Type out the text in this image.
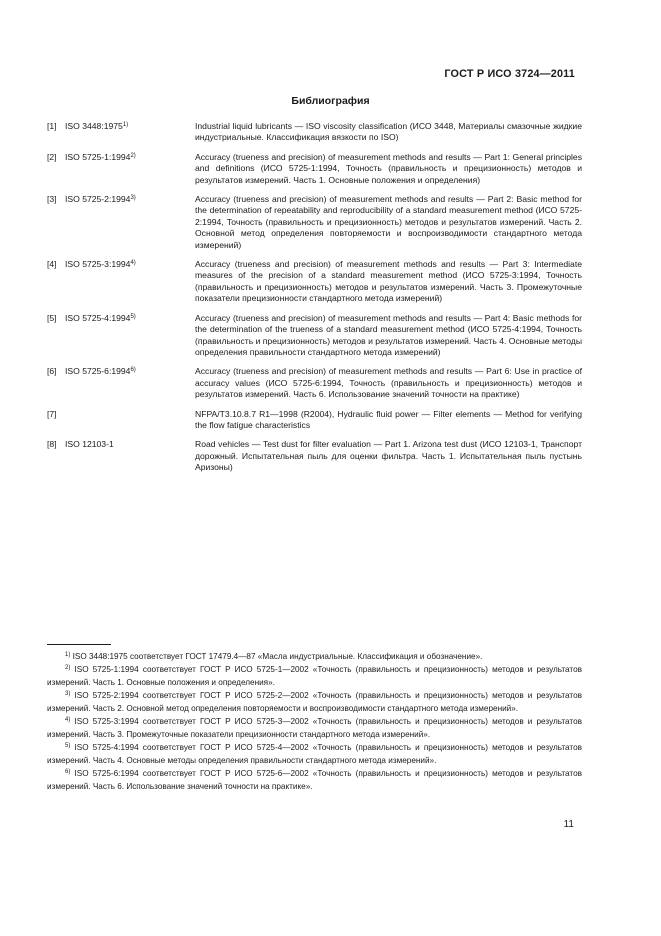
ГОСТ Р ИСО 3724—2011
Библиография
[1] ISO 3448:1975$^{1)}$	Industrial liquid lubricants — ISO viscosity classification (ИСО 3448, Материалы смазочные жидкие индустриальные. Классификация вязкости по ISO)
[2] ISO 5725-1:1994$^{2)}$	Accuracy (trueness and precision) of measurement methods and results — Part 1: General principles and definitions (ИСО 5725-1:1994, Точность (правильность и прецизионность) методов и результатов измерений. Часть 1. Основные положения и определения)
[3] ISO 5725-2:1994$^{3)}$	Accuracy (trueness and precision) of measurement methods and results — Part 2: Basic method for the determination of repeatability and reproducibility of a standard measurement method (ИСО 5725-2:1994, Точность (правильность и прецизионность) методов и результатов измерений. Часть 2. Основной метод определения повторяемости и воспроизводимости стандартного метода измерений)
[4] ISO 5725-3:1994$^{4)}$	Accuracy (trueness and precision) of measurement methods and results — Part 3: Intermediate measures of the precision of a standard measurement method (ИСО 5725-3:1994, Точность (правильность и прецизионность) методов и результатов измерений. Часть 3. Промежуточные показатели прецизионности стандартного метода измерений)
[5] ISO 5725-4:1994$^{5)}$	Accuracy (trueness and precision) of measurement methods and results — Part 4: Basic methods for the determination of the trueness of a standard measurement method (ИСО 5725-4:1994, Точность (правильность и прецизионность) методов и результатов измерений. Часть 4. Основные методы определения правильности стандартного метода измерений)
[6] ISO 5725-6:1994$^{6)}$	Accuracy (trueness and precision) of measurement methods and results — Part 6: Use in practice of accuracy values (ИСО 5725-6:1994, Точность (правильность и прецизионность) методов и результатов измерений. Часть 6. Использование значений точности на практике)
[7]	NFPA/T3.10.8.7 R1—1998 (R2004), Hydraulic fluid power — Filter elements — Method for verifying the flow fatigue characteristics
[8] ISO 12103-1	Road vehicles — Test dust for filter evaluation — Part 1. Arizona test dust (ИСО 12103-1, Транспорт дорожный. Испытательная пыль для оценки фильтра. Часть 1. Испытательная пыль пустынь Аризоны)
$^{1)}$ ISO 3448:1975 соответствует ГОСТ 17479.4—87 «Масла индустриальные. Классификация и обозначение».
$^{2)}$ ISO 5725-1:1994 соответствует ГОСТ Р ИСО 5725-1—2002 «Точность (правильность и прецизионность) методов и результатов измерений. Часть 1. Основные положения и определения».
$^{3)}$ ISO 5725-2:1994 соответствует ГОСТ Р ИСО 5725-2—2002 «Точность (правильность и прецизионность) методов и результатов измерений. Часть 2. Основной метод определения повторяемости и воспроизводимости стандартного метода измерений».
$^{4)}$ ISO 5725-3:1994 соответствует ГОСТ Р ИСО 5725-3—2002 «Точность (правильность и прецизионность) методов и результатов измерений. Часть 3. Промежуточные показатели прецизионности стандартного метода измерений».
$^{5)}$ ISO 5725-4:1994 соответствует ГОСТ Р ИСО 5725-4—2002 «Точность (правильность и прецизионность) методов и результатов измерений. Часть 4. Основные методы определения правильности стандартного метода измерений».
$^{6)}$ ISO 5725-6:1994 соответствует ГОСТ Р ИСО 5725-6—2002 «Точность (правильность и прецизионность) методов и результатов измерений. Часть 6. Использование значений точности на практике».
11
